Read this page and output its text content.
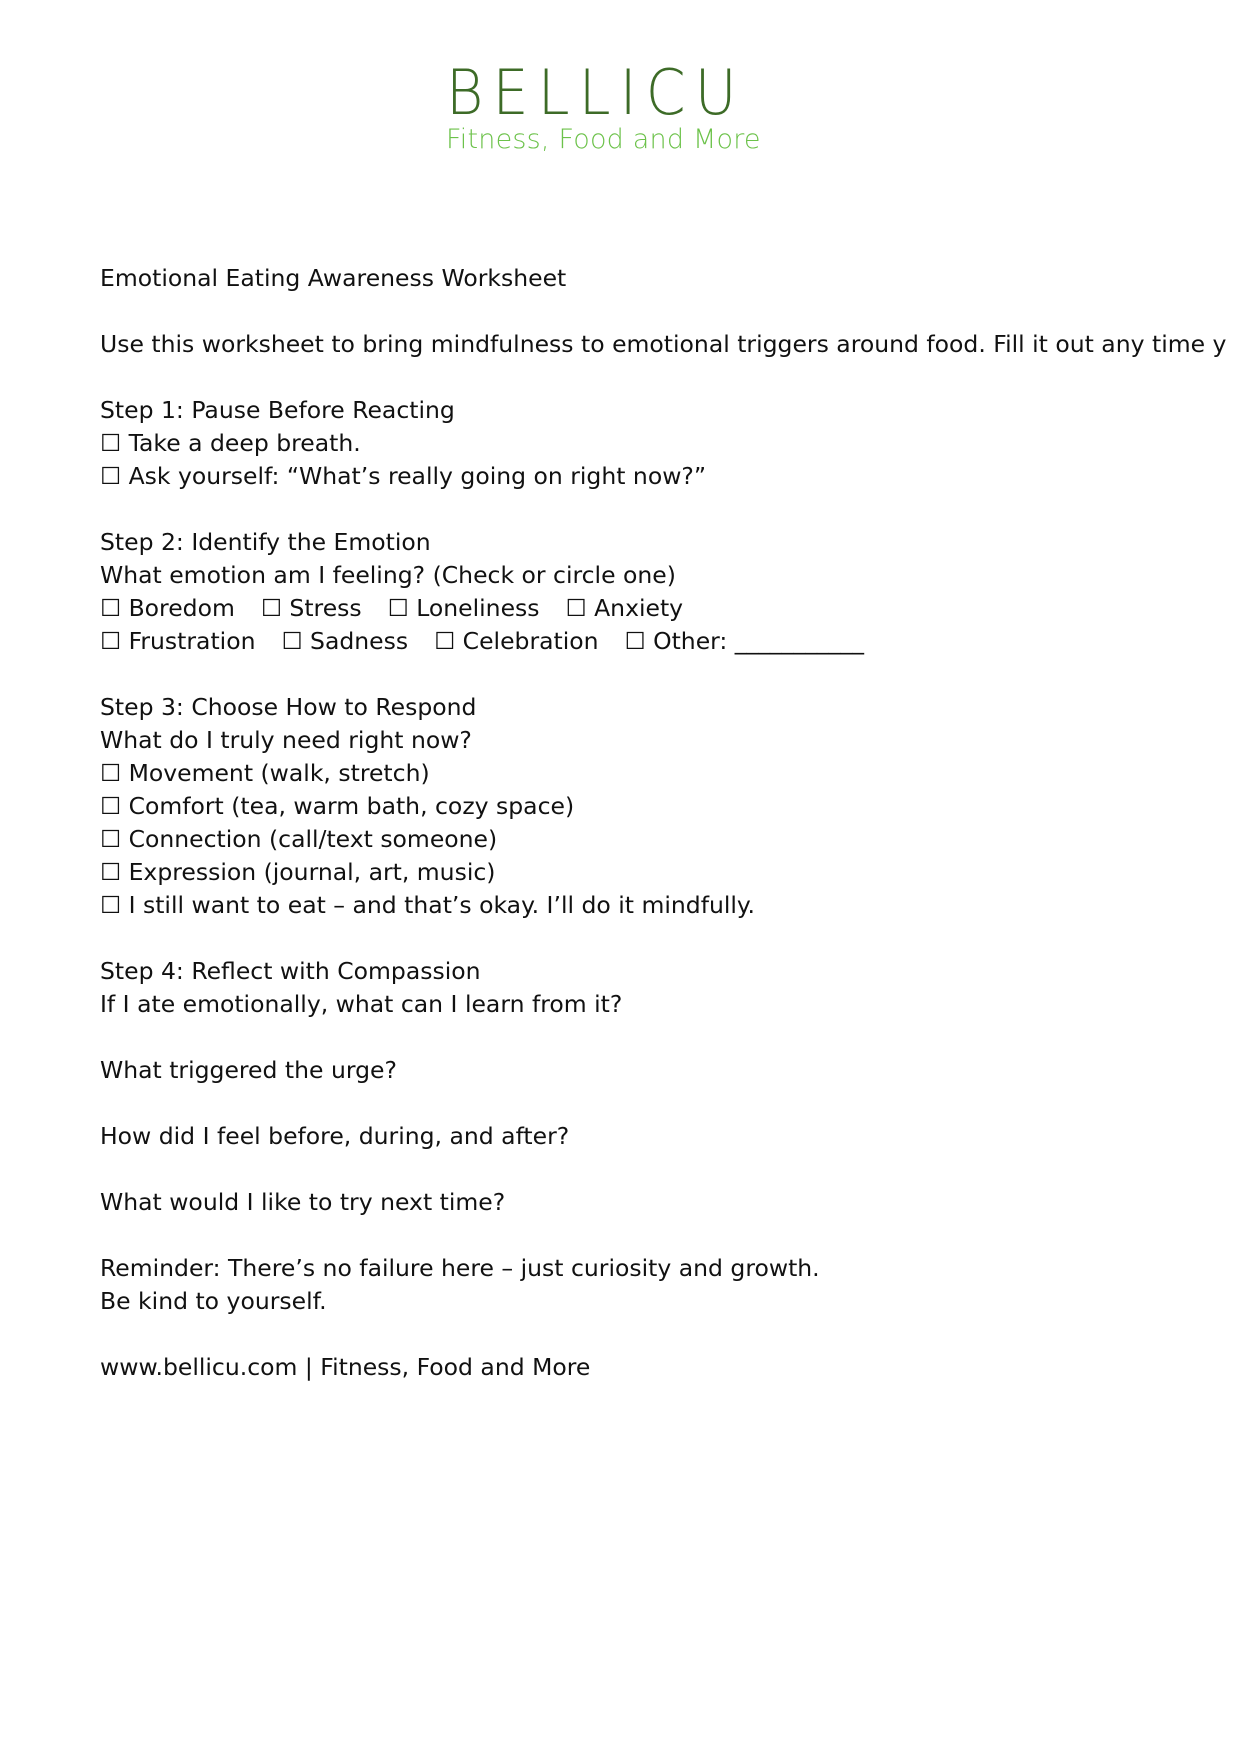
BELLICU
Fitness, Food and More
Emotional Eating Awareness Worksheet
Use this worksheet to bring mindfulness to emotional triggers around food. Fill it out any time y
Step 1: Pause Before Reacting
☐ Take a deep breath.
☐ Ask yourself: “What’s really going on right now?”
Step 2: Identify the Emotion
What emotion am I feeling? (Check or circle one)
☐ Boredom ☐ Stress ☐ Loneliness ☐ Anxiety
☐ Frustration ☐ Sadness ☐ Celebration ☐ Other: ___________
Step 3: Choose How to Respond
What do I truly need right now?
☐ Movement (walk, stretch)
☐ Comfort (tea, warm bath, cozy space)
☐ Connection (call/text someone)
☐ Expression (journal, art, music)
☐ I still want to eat – and that’s okay. I’ll do it mindfully.
Step 4: Reflect with Compassion
If I ate emotionally, what can I learn from it?
What triggered the urge?
How did I feel before, during, and after?
What would I like to try next time?
Reminder: There’s no failure here – just curiosity and growth.
Be kind to yourself.
www.bellicu.com | Fitness, Food and More
